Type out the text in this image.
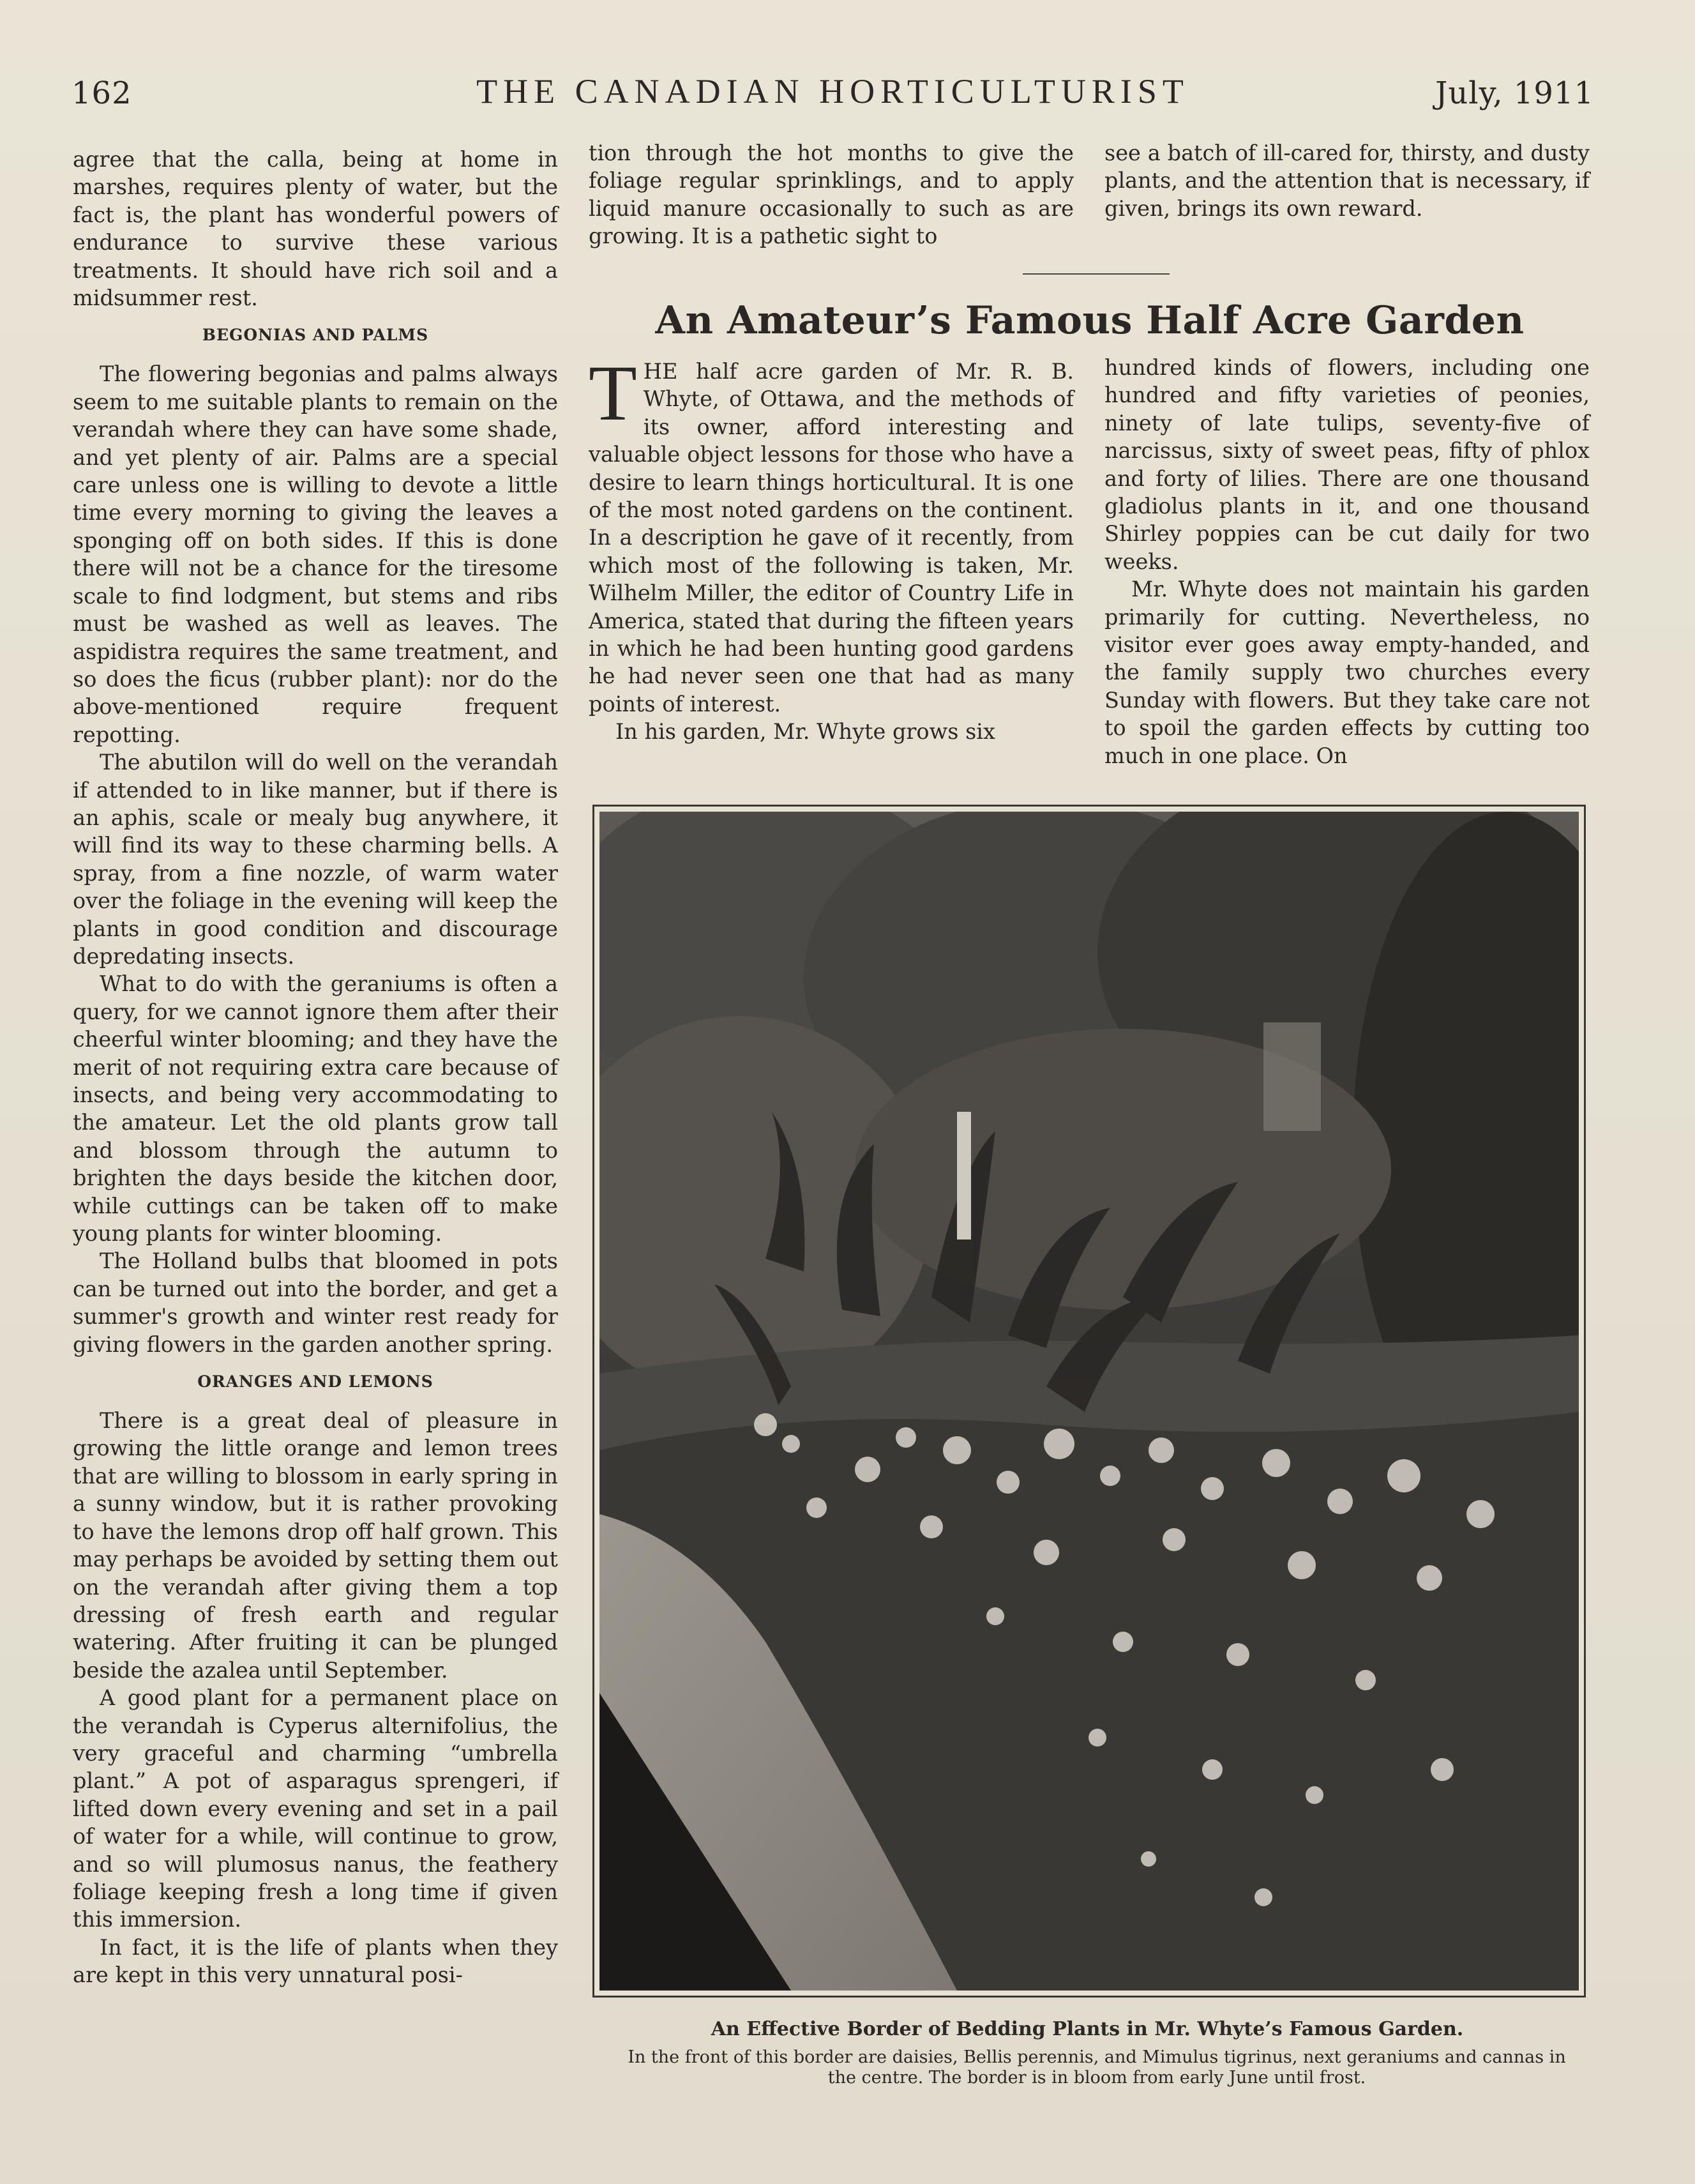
162	THE CANADIAN HORTICULTURIST	July, 1911

agree that the calla, being at home in marshes, requires plenty of water, but the fact is, the plant has wonderful powers of endurance to survive these various treatments. It should have rich soil and a midsummer rest.

BEGONIAS AND PALMS

The flowering begonias and palms always seem to me suitable plants to remain on the verandah where they can have some shade, and yet plenty of air. Palms are a special care unless one is willing to devote a little time every morning to giving the leaves a sponging off on both sides. If this is done there will not be a chance for the tiresome scale to find lodgment, but stems and ribs must be washed as well as leaves. The aspidistra requires the same treatment, and so does the ficus (rubber plant): nor do the above-mentioned require frequent repotting.

The abutilon will do well on the verandah if attended to in like manner, but if there is an aphis, scale or mealy bug anywhere, it will find its way to these charming bells. A spray, from a fine nozzle, of warm water over the foliage in the evening will keep the plants in good condition and discourage depredating insects.

What to do with the geraniums is often a query, for we cannot ignore them after their cheerful winter blooming; and they have the merit of not requiring extra care because of insects, and being very accommodating to the amateur. Let the old plants grow tall and blossom through the autumn to brighten the days beside the kitchen door, while cuttings can be taken off to make young plants for winter blooming.

The Holland bulbs that bloomed in pots can be turned out into the border, and get a summer's growth and winter rest ready for giving flowers in the garden another spring.

ORANGES AND LEMONS

There is a great deal of pleasure in growing the little orange and lemon trees that are willing to blossom in early spring in a sunny window, but it is rather provoking to have the lemons drop off half grown. This may perhaps be avoided by setting them out on the verandah after giving them a top dressing of fresh earth and regular watering. After fruiting it can be plunged beside the azalea until September.

A good plant for a permanent place on the verandah is Cyperus alternifolius, the very graceful and charming “umbrella plant.” A pot of asparagus sprengeri, if lifted down every evening and set in a pail of water for a while, will continue to grow, and so will plumosus nanus, the feathery foliage keeping fresh a long time if given this immersion.

In fact, it is the life of plants when they are kept in this very unnatural posi-

tion through the hot months to give the foliage regular sprinklings, and to apply liquid manure occasionally to such as are growing. It is a pathetic sight to

see a batch of ill-cared for, thirsty, and dusty plants, and the attention that is necessary, if given, brings its own reward.

An Amateur’s Famous Half Acre Garden

THE half acre garden of Mr. R. B. Whyte, of Ottawa, and the methods of its owner, afford interesting and valuable object lessons for those who have a desire to learn things horticultural. It is one of the most noted gardens on the continent. In a description he gave of it recently, from which most of the following is taken, Mr. Wilhelm Miller, the editor of Country Life in America, stated that during the fifteen years in which he had been hunting good gardens he had never seen one that had as many points of interest.

In his garden, Mr. Whyte grows six

hundred kinds of flowers, including one hundred and fifty varieties of peonies, ninety of late tulips, seventy-five of narcissus, sixty of sweet peas, fifty of phlox and forty of lilies. There are one thousand gladiolus plants in it, and one thousand Shirley poppies can be cut daily for two weeks.

Mr. Whyte does not maintain his garden primarily for cutting. Nevertheless, no visitor ever goes away empty-handed, and the family supply two churches every Sunday with flowers. But they take care not to spoil the garden effects by cutting too much in one place. On

An Effective Border of Bedding Plants in Mr. Whyte’s Famous Garden.
In the front of this border are daisies, Bellis perennis, and Mimulus tigrinus, next geraniums and cannas in the centre. The border is in bloom from early June until frost.
